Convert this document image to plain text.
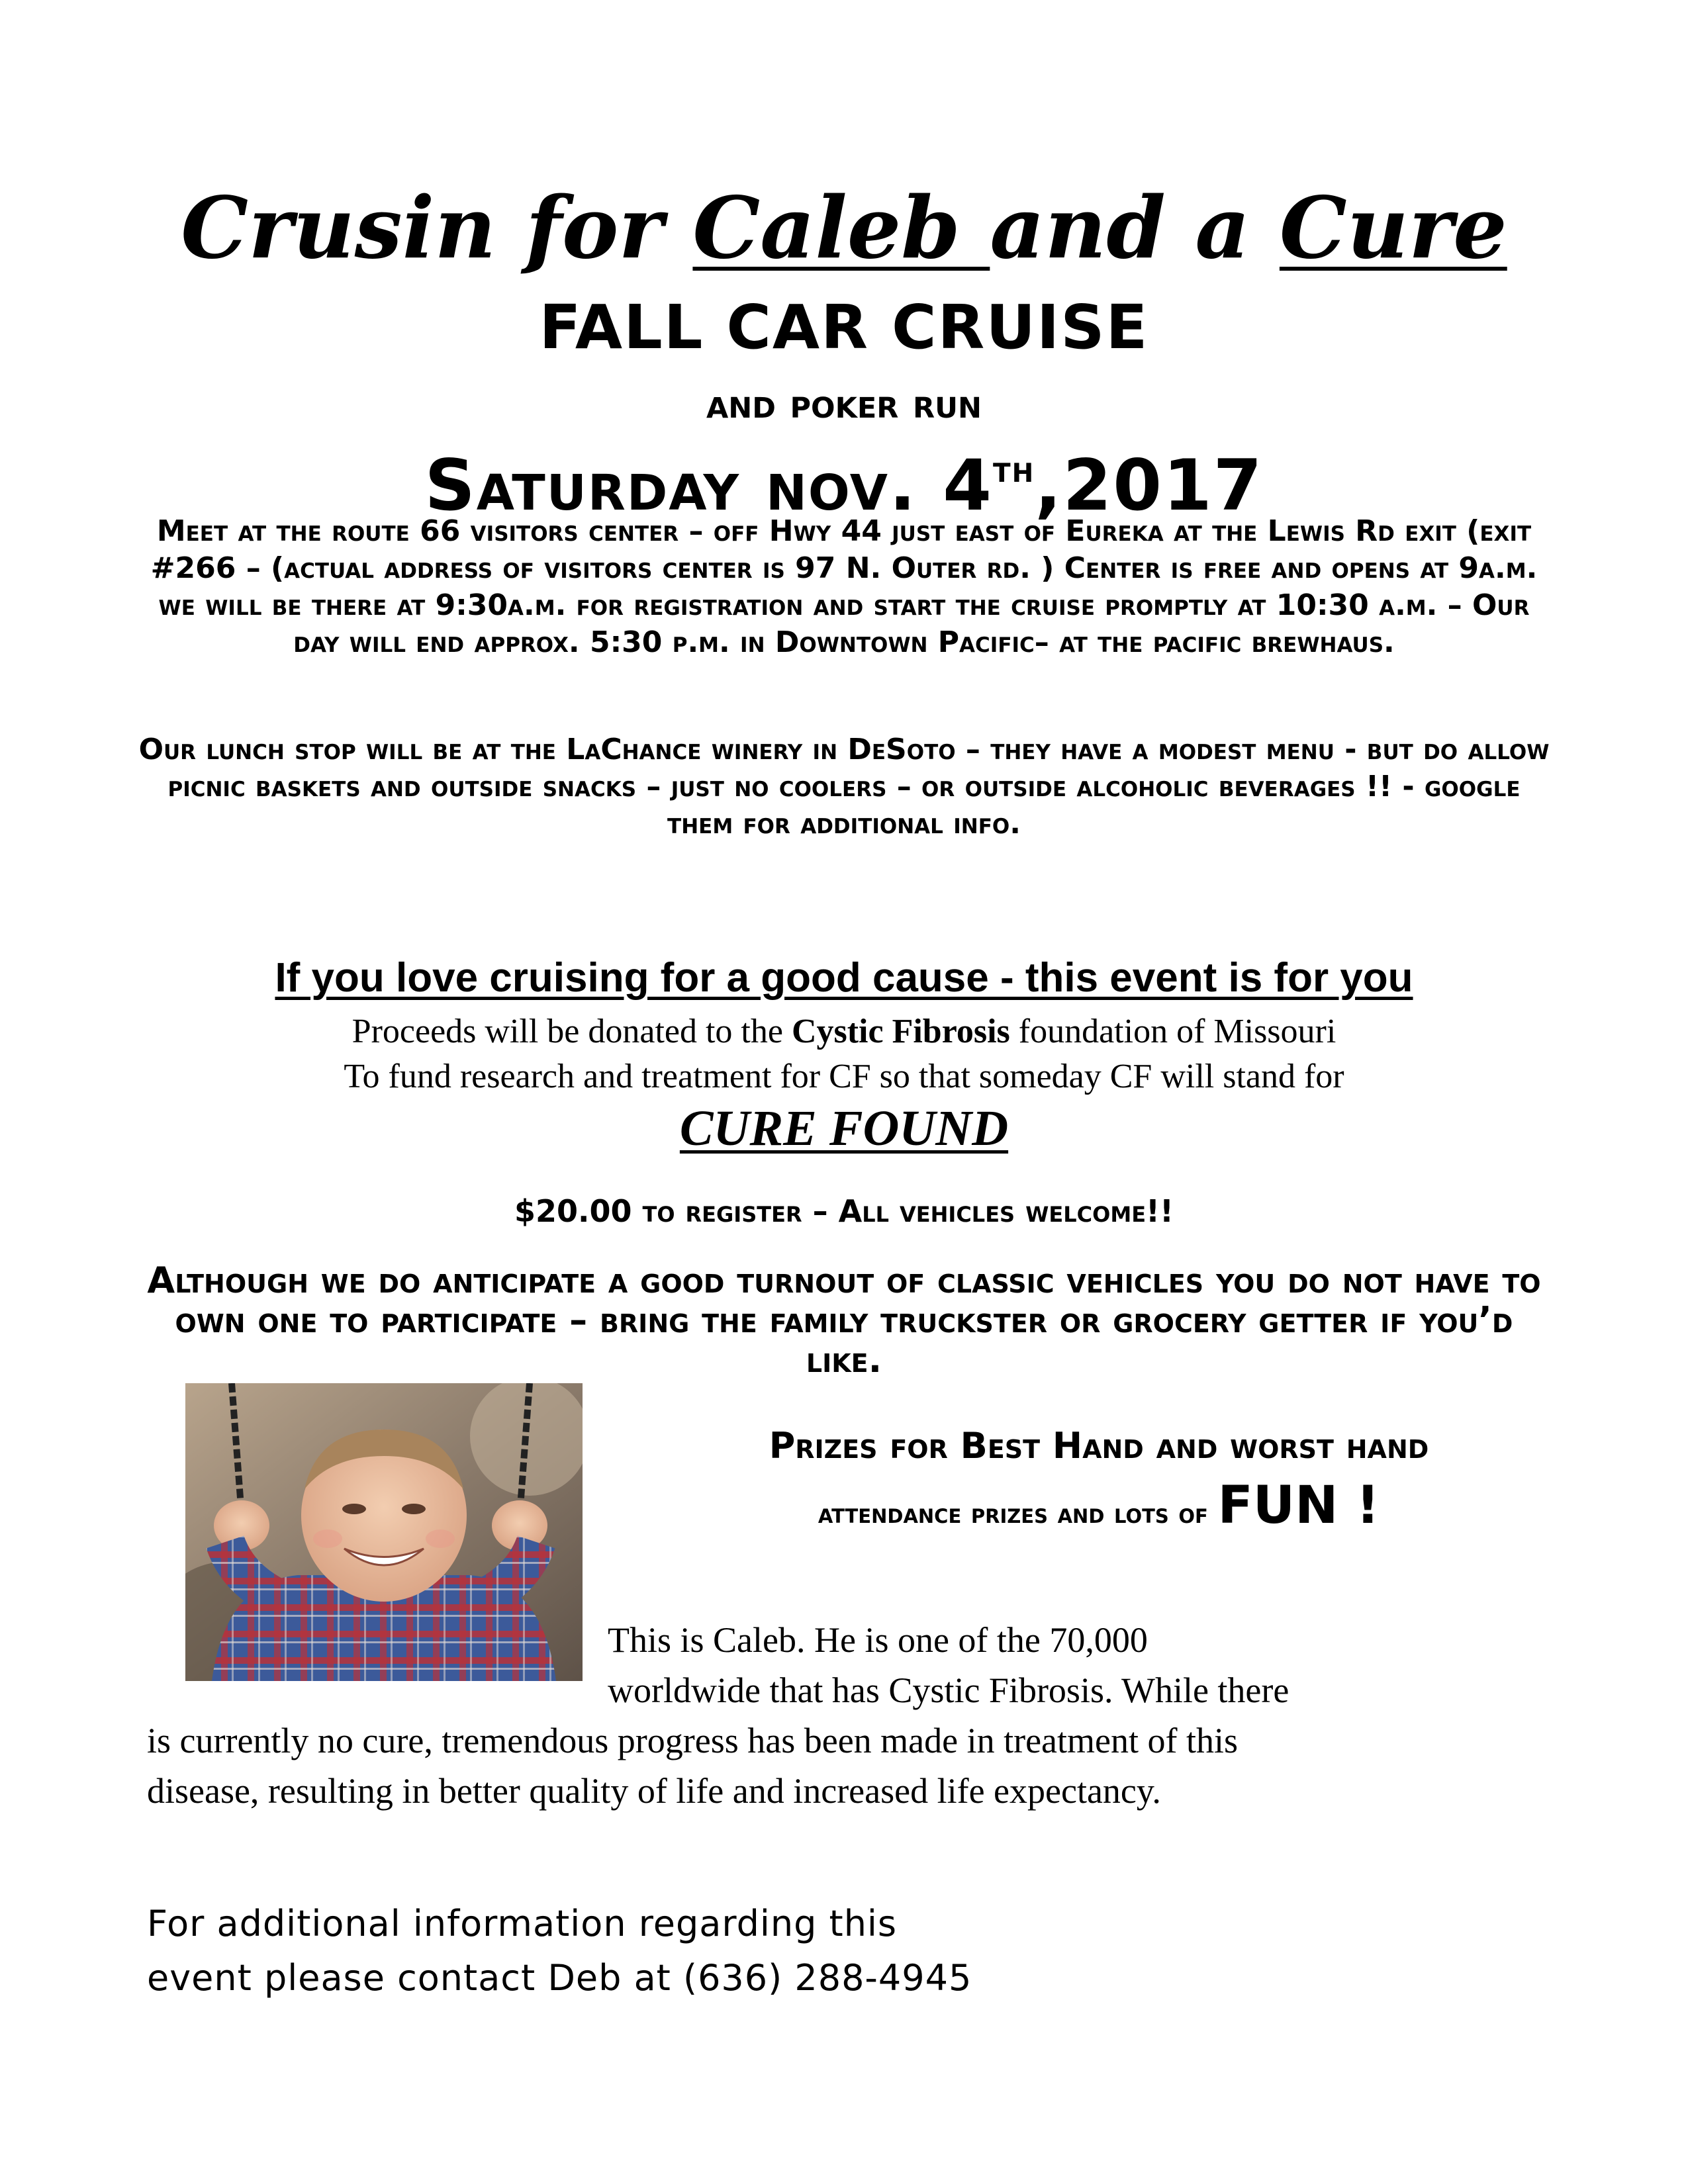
Crusin for Caleb and a Cure
FALL CAR CRUISE
and poker run
Saturday nov. 4th,2017
Meet at the route 66 visitors center – off Hwy 44 just east of Eureka at the Lewis Rd exit (exit #266 – (actual address of visitors center is 97 N. Outer rd. ) Center is free and opens at 9a.m. we will be there at 9:30a.m. for registration and start the cruise promptly at 10:30 a.m. – Our day will end approx. 5:30 p.m. in Downtown Pacific– at the pacific brewhaus.
Our lunch stop will be at the LaChance winery in DeSoto – they have a modest menu - but do allow picnic baskets and outside snacks – just no coolers – or outside alcoholic beverages !! - google them for additional info.
If you love cruising for a good cause - this event is for you
Proceeds will be donated to the Cystic Fibrosis foundation of Missouri
To fund research and treatment for CF so that someday CF will stand for
CURE FOUND
$20.00 to register – All vehicles welcome!!
Although we do anticipate a good turnout of classic vehicles you do not have to own one to participate – bring the family truckster or grocery getter if you’d like.
Prizes for Best Hand and worst hand
attendance prizes and lots of FUN !
This is Caleb. He is one of the 70,000
worldwide that has Cystic Fibrosis. While there
is currently no cure, tremendous progress has been made in treatment of this
disease, resulting in better quality of life and increased life expectancy.
For additional information regarding this
event please contact Deb at (636) 288-4945
